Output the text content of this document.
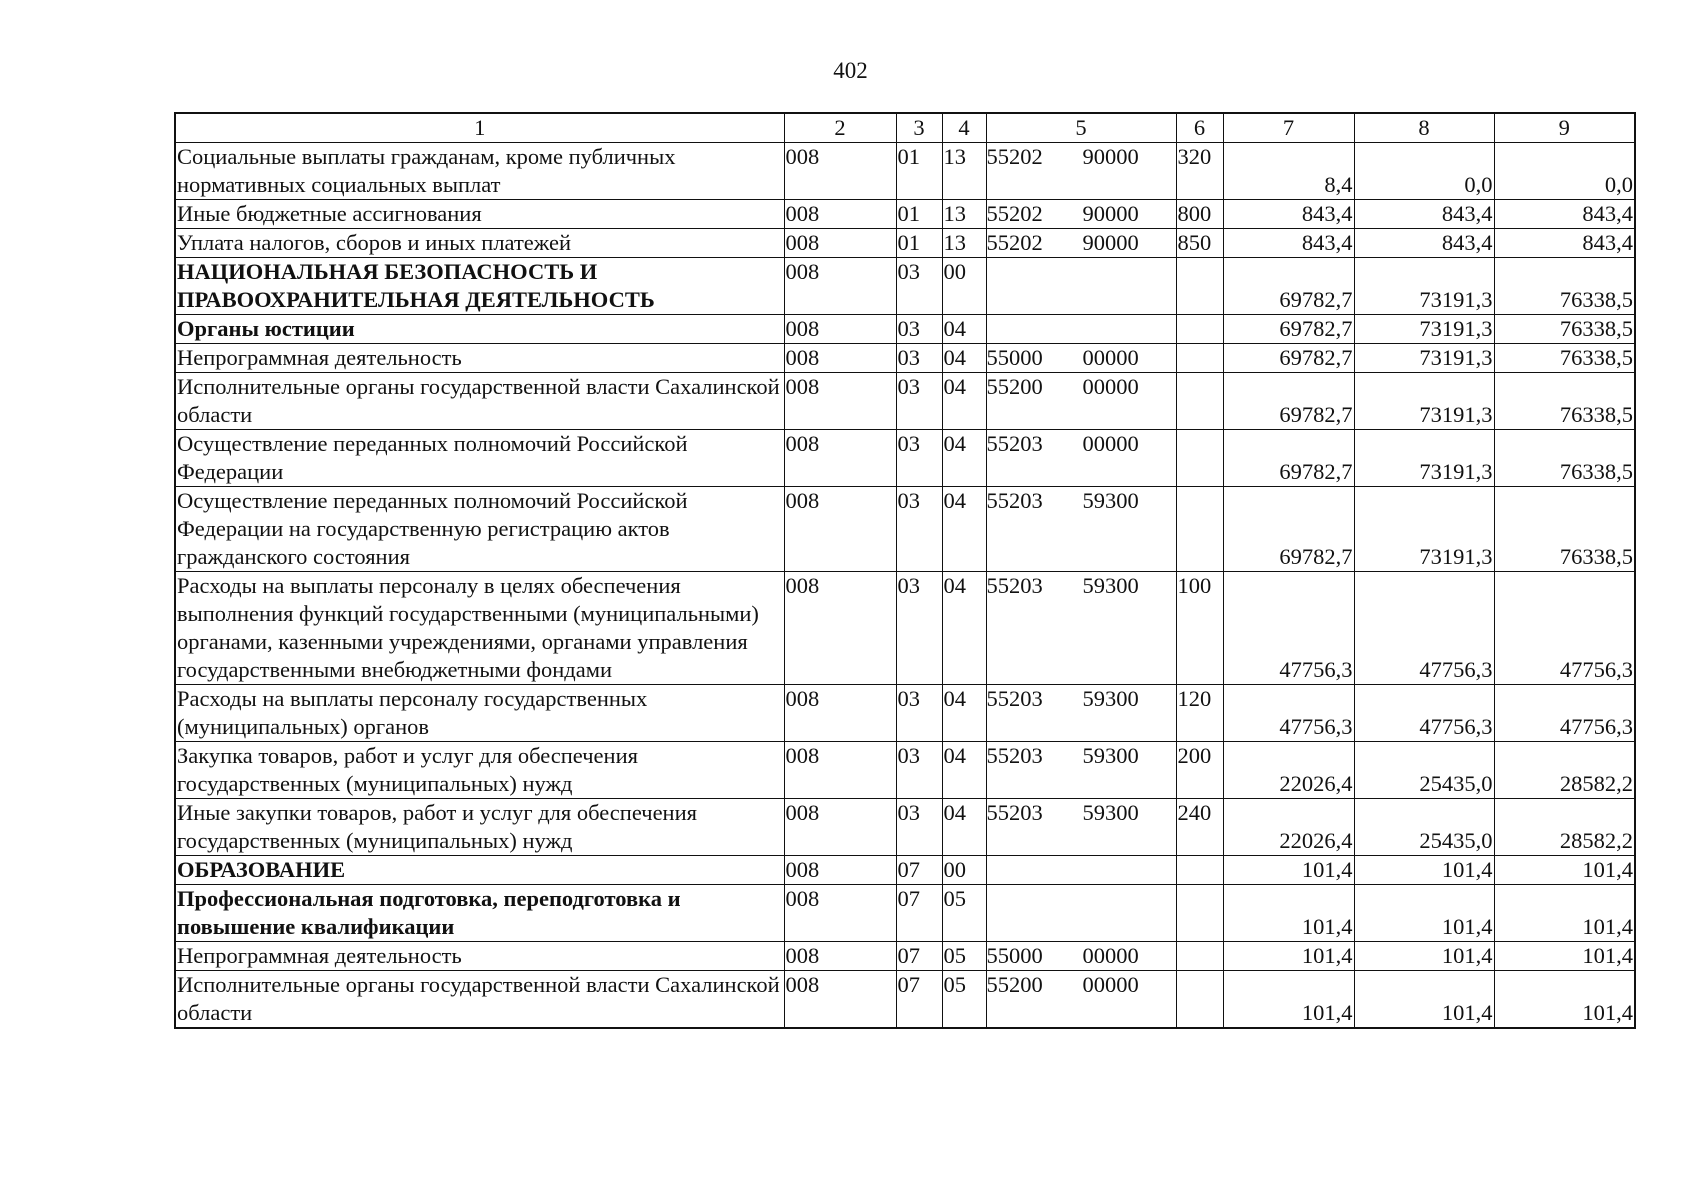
402
1	2	3	4	5	6	7	8	9
Социальные выплаты гражданам, кроме публичных нормативных социальных выплат	008	01	13	55202 90000	320	8,4	0,0	0,0
Иные бюджетные ассигнования	008	01	13	55202 90000	800	843,4	843,4	843,4
Уплата налогов, сборов и иных платежей	008	01	13	55202 90000	850	843,4	843,4	843,4
НАЦИОНАЛЬНАЯ БЕЗОПАСНОСТЬ И ПРАВООХРАНИТЕЛЬНАЯ ДЕЯТЕЛЬНОСТЬ	008	03	00			69782,7	73191,3	76338,5
Органы юстиции	008	03	04			69782,7	73191,3	76338,5
Непрограммная деятельность	008	03	04	55000 00000		69782,7	73191,3	76338,5
Исполнительные органы государственной власти Сахалинской области	008	03	04	55200 00000		69782,7	73191,3	76338,5
Осуществление переданных полномочий Российской Федерации	008	03	04	55203 00000		69782,7	73191,3	76338,5
Осуществление переданных полномочий Российской Федерации на государственную регистрацию актов гражданского состояния	008	03	04	55203 59300		69782,7	73191,3	76338,5
Расходы на выплаты персоналу в целях обеспечения выполнения функций государственными (муниципальными) органами, казенными учреждениями, органами управления государственными внебюджетными фондами	008	03	04	55203 59300	100	47756,3	47756,3	47756,3
Расходы на выплаты персоналу государственных (муниципальных) органов	008	03	04	55203 59300	120	47756,3	47756,3	47756,3
Закупка товаров, работ и услуг для обеспечения государственных (муниципальных) нужд	008	03	04	55203 59300	200	22026,4	25435,0	28582,2
Иные закупки товаров, работ и услуг для обеспечения государственных (муниципальных) нужд	008	03	04	55203 59300	240	22026,4	25435,0	28582,2
ОБРАЗОВАНИЕ	008	07	00			101,4	101,4	101,4
Профессиональная подготовка, переподготовка и повышение квалификации	008	07	05			101,4	101,4	101,4
Непрограммная деятельность	008	07	05	55000 00000		101,4	101,4	101,4
Исполнительные органы государственной власти Сахалинской области	008	07	05	55200 00000		101,4	101,4	101,4
